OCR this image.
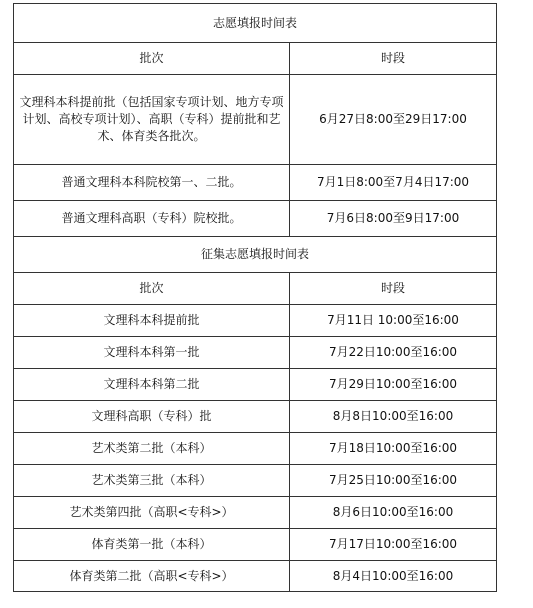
志愿填报时间表	
批次	时段
文理科本科提前批（包括国家专项计划、地方专项计划、高校专项计划）、高职（专科）提前批和艺术、体育类各批次。	6月27日8:00至29日17:00
普通文理科本科院校第一、二批。	7月1日8:00至7月4日17:00
普通文理科高职（专科）院校批。	7月6日8:00至9日17:00
征集志愿填报时间表	
批次	时段
文理科本科提前批	7月11日 10:00至16:00
文理科本科第一批	7月22日10:00至16:00
文理科本科第二批	7月29日10:00至16:00
文理科高职（专科）批	8月8日10:00至16:00
艺术类第二批（本科）	7月18日10:00至16:00
艺术类第三批（本科）	7月25日10:00至16:00
艺术类第四批（高职<专科>）	8月6日10:00至16:00
体育类第一批（本科）	7月17日10:00至16:00
体育类第二批（高职<专科>）	8月4日10:00至16:00
